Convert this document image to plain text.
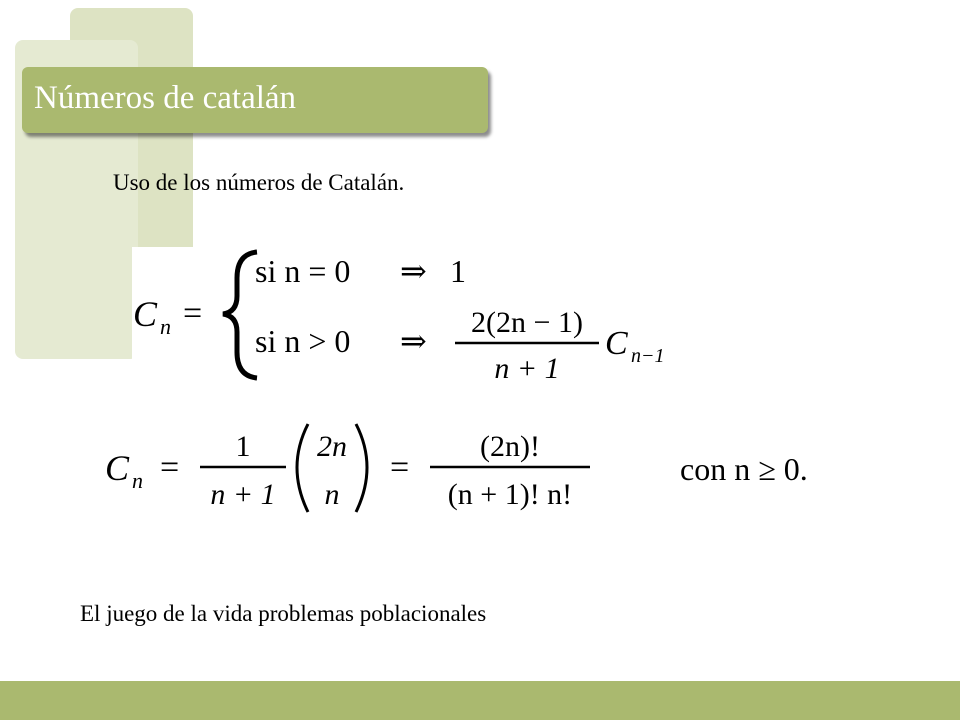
Números de catalán

Uso de los números de Catalán.

C n =
si n = 0 ⇒ 1
si n > 0 ⇒
2(2n − 1)
n + 1
C n−1
C n =
1
n + 1
2n
n
=
(2n)!
(n + 1)! n!
con n ≥ 0.

El juego de la vida problemas poblacionales
